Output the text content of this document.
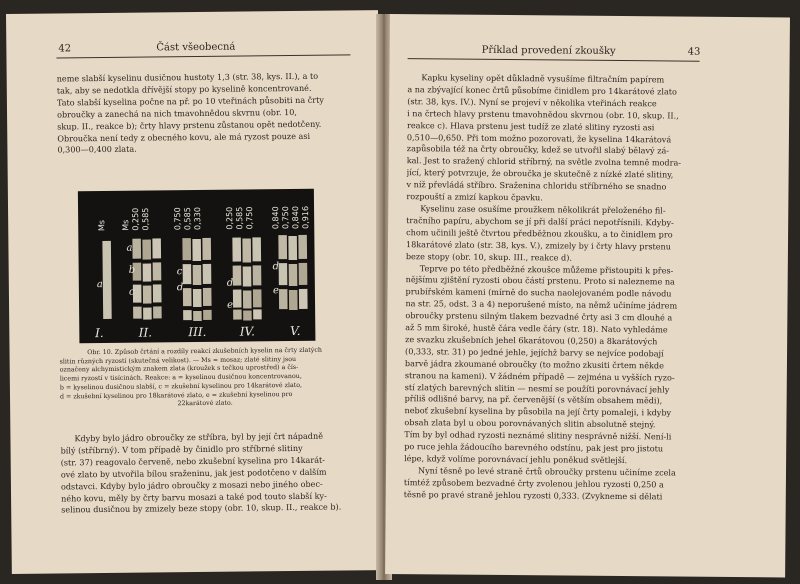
42	Část všeobecná
neme slabší kyselinu dusičnou hustoty 1,3 (str. 38, kys. II.), a to
tak, aby se nedotkla dřívější stopy po kyselině koncentrované.
Tato slabší kyselina počne na př. po 10 vteřinách působiti na črty
obroučky a zanechá na nich tmavohnědou skvrnu (obr. 10,
skup. II., reakce b); črty hlavy prstenu zůstanou opět nedotčeny.
Obroučka není tedy z obecného kovu, ale má ryzost pouze asi
0,300—0,400 zlata.
Ms Ms 0,250 0,585	0,750 0,585 0,330	0,250 0,585 0,750 0,840 0,750 0,840 0,916
a
a
b
c	d
c
d
e
d
e
I.	II.	III.	IV.	V.
Obr. 10. Způsob črtání a rozdíly reakcí zkušebních kyselin na črty zlatých
slitin různých ryzostí (skutečná velikost). — Ms = mosaz; zlaté slitiny jsou
označeny alchymistickým znakem zlata (kroužek s tečkou uprostřed) a čís-
licemi ryzostí v tisícinách. Reakce: a = kyselinou dusičnou koncentrovanou,
b = kyselinou dusičnou slabší, c = zkušební kyselinou pro 14karátové zlato,
d = zkušební kyselinou pro 18karátové zlato, e = zkušební kyselinou pro
22karátové zlato.
Kdyby bylo jádro obroučky ze stříbra, byl by její črt nápadně
bílý (stříbrný). V tom případě by činidlo pro stříbrné slitiny
(str. 37) reagovalo červeně, nebo zkušební kyselina pro 14karát-
ové zlato by utvořila bílou sraženinu, jak jest podotčeno v dalším
odstavci. Kdyby bylo jádro obroučky z mosazi nebo jiného obec-
ného kovu, měly by črty barvu mosazi a také pod touto slabší ky-
selinou dusičnou by zmizely beze stopy (obr. 10, skup. II., reakce b).
Příklad provedení zkoušky	43
Kapku kyseliny opět důkladně vysušíme filtračním papírem
a na zbývající konec črtů působíme činidlem pro 14karátové zlato
(str. 38, kys. IV.). Nyní se projeví v několika vteřinách reakce
i na črtech hlavy prstenu tmavohnědou skvrnou (obr. 10, skup. II.,
reakce c). Hlava prstenu jest tudíž ze zlaté slitiny ryzosti asi
0,510—0,650. Při tom možno pozorovati, že kyselina 14karátová
zapůsobila též na črty obroučky, kdež se utvořil slabý bělavý zá-
kal. Jest to sražený chlorid stříbrný, na světle zvolna temně modra-
jící, který potvrzuje, že obroučka je skutečně z nízké zlaté slitiny,
v níž převládá stříbro. Sraženina chloridu stříbrného se snadno
rozpouští a zmizí kapkou čpavku.
Kyselinu zase osušíme proužkem několikrát přeloženého fil-
tračního papíru, abychom se jí při další práci nepotřísnili. Kdyby-
chom učinili ještě čtvrtou předběžnou zkoušku, a to činidlem pro
18karátové zlato (str. 38, kys. V.), zmizely by i črty hlavy prstenu
beze stopy (obr. 10, skup. III., reakce d).
Teprve po této předběžné zkoušce můžeme přistoupiti k přes-
nějšímu zjištění ryzosti obou částí prstenu. Proto si nalezneme na
prubířském kameni (mírně do sucha naolejovaném podle návodu
na str. 25, odst. 3 a 4) neporušené místo, na němž učiníme jádrem
obroučky prstenu silným tlakem bezvadné črty asi 3 cm dlouhé a
až 5 mm široké, hustě čára vedle čáry (str. 18). Nato vyhledáme
ze svazku zkušebních jehel 6karátovou (0,250) a 8karátových
(0,333, str. 31) po jedné jehle, jejíchž barvy se nejvíce podobají
barvě jádra zkoumané obroučky (to možno zkusiti črtem někde
stranou na kameni). V žádném případě — zejména u vyšších ryzo-
stí zlatých barevných slitin — nesmí se použíti porovnávací jehly
příliš odlišné barvy, na př. červenější (s větším obsahem mědi),
neboť zkušební kyselina by působila na její črty pomaleji, i kdyby
obsah zlata byl u obou porovnávaných slitin absolutně stejný.
Tím by byl odhad ryzosti neznámé slitiny nesprávně nižší. Není-li
po ruce jehla žádoucího barevného odstínu, pak jest pro jistotu
lépe, když volíme porovnávací jehlu poněkud světlejší.
Nyní těsně po levé straně črtů obroučky prstenu učiníme zcela
tímtéž způsobem bezvadné črty zvolenou jehlou ryzosti 0,250 a
těsně po pravé straně jehlou ryzosti 0,333. (Zvykneme si dělati
